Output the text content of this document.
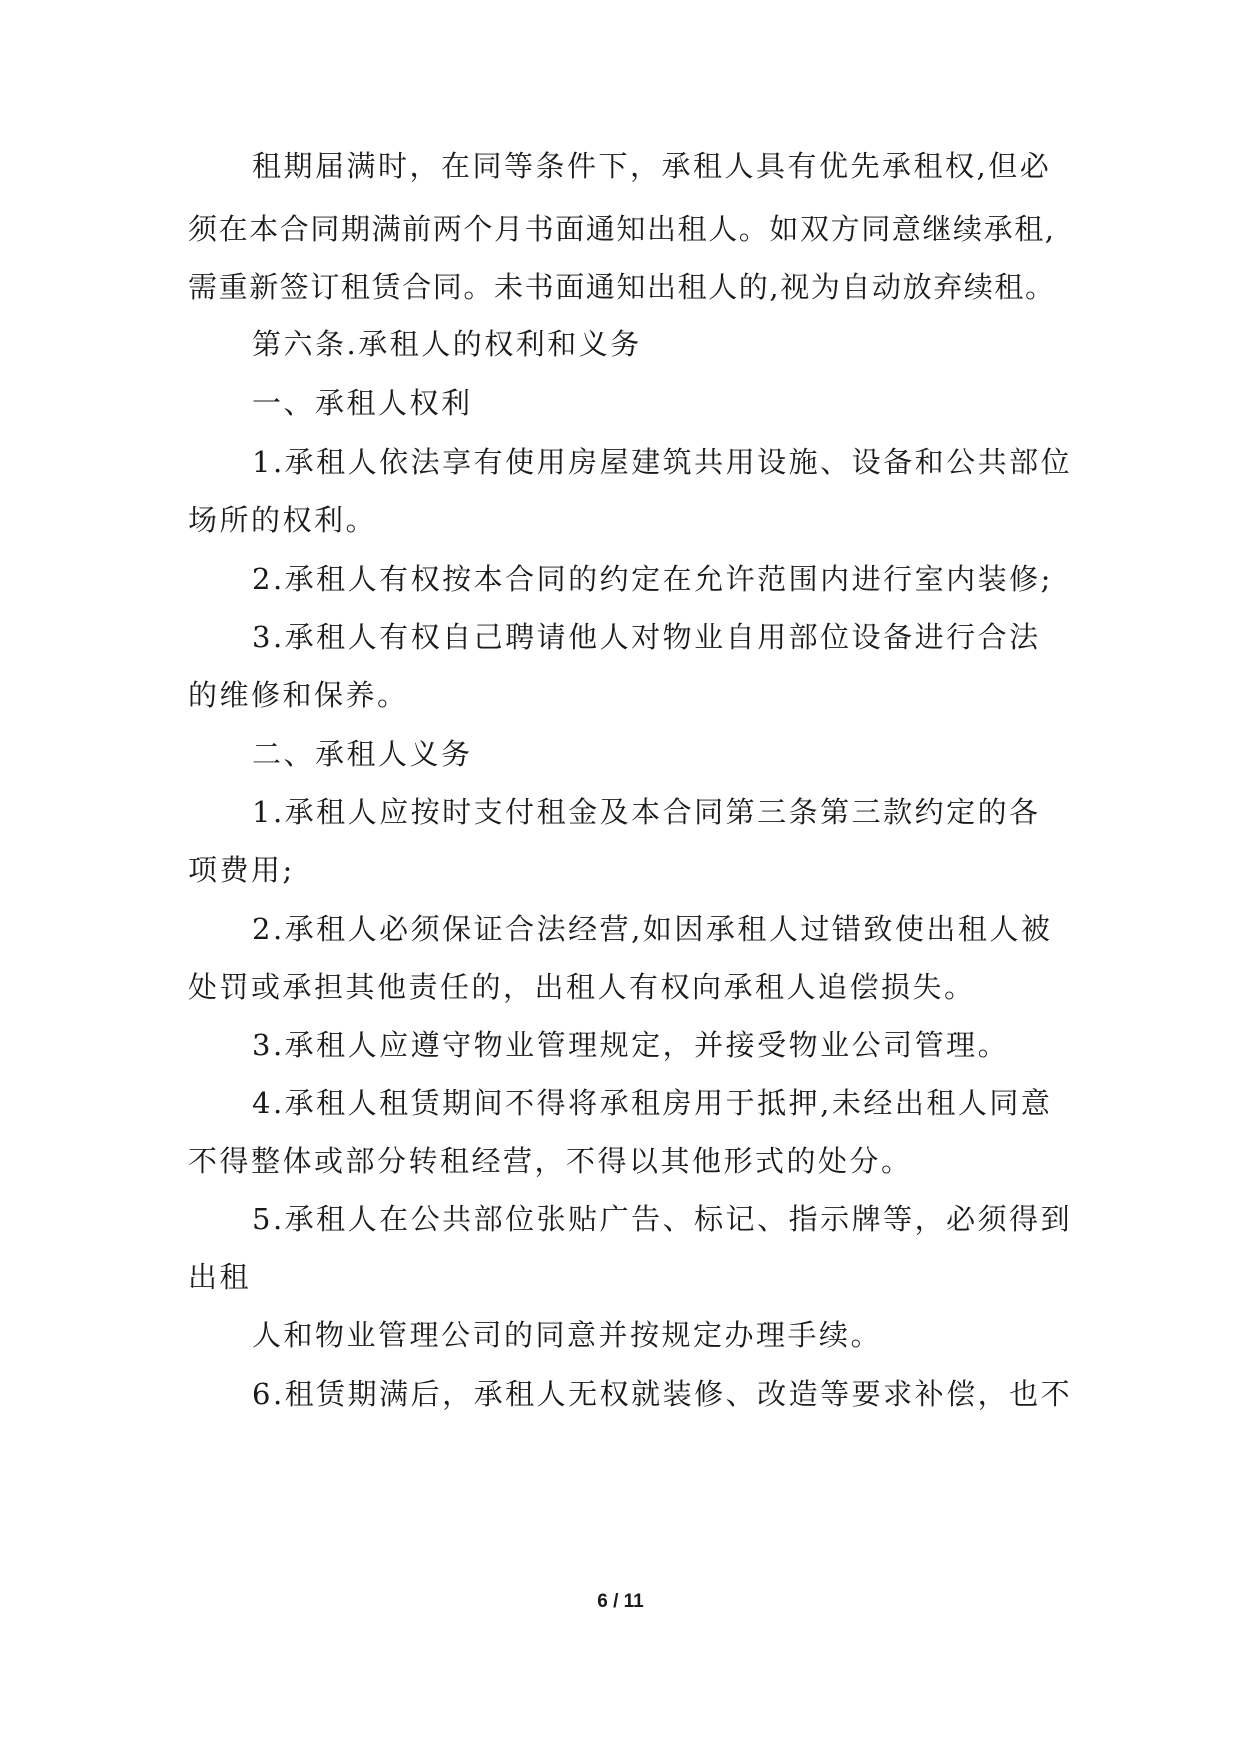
租期届满时，在同等条件下，承租人具有优先承租权,但必
须在本合同期满前两个月书面通知出租人。如双方同意继续承租,
需重新签订租赁合同。未书面通知出租人的,视为自动放弃续租。
第六条.承租人的权利和义务
一、承租人权利
1.承租人依法享有使用房屋建筑共用设施、设备和公共部位
场所的权利。
2.承租人有权按本合同的约定在允许范围内进行室内装修;
3.承租人有权自己聘请他人对物业自用部位设备进行合法
的维修和保养。
二、承租人义务
1.承租人应按时支付租金及本合同第三条第三款约定的各
项费用;
2.承租人必须保证合法经营,如因承租人过错致使出租人被
处罚或承担其他责任的，出租人有权向承租人追偿损失。
3.承租人应遵守物业管理规定，并接受物业公司管理。
4.承租人租赁期间不得将承租房用于抵押,未经出租人同意
不得整体或部分转租经营，不得以其他形式的处分。
5.承租人在公共部位张贴广告、标记、指示牌等，必须得到
出租
人和物业管理公司的同意并按规定办理手续。
6.租赁期满后，承租人无权就装修、改造等要求补偿，也不
6 / 11
